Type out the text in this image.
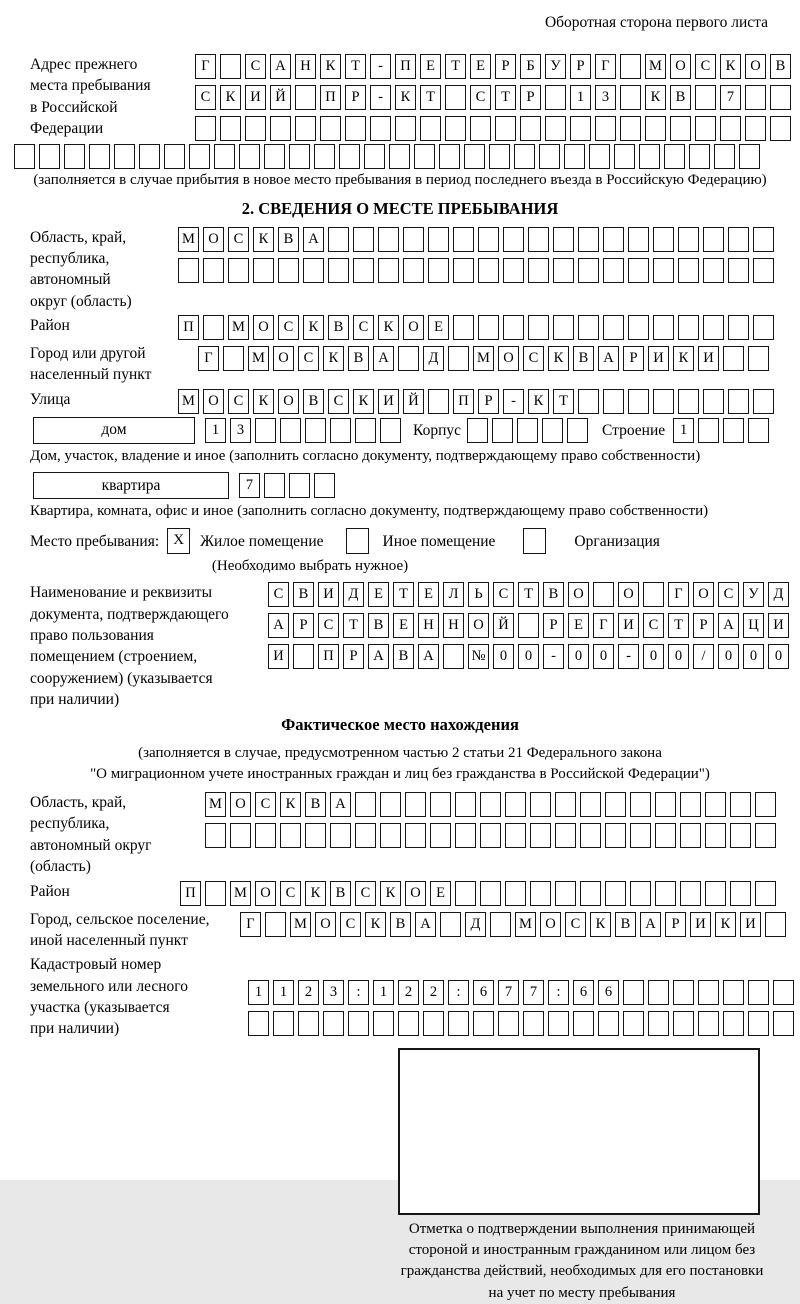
Оборотная сторона первого листа
Адрес прежнего
места пребывания
в Российской
Федерации
Г	С	А	Н	К	Т	-	П	Е	Т	Е	Р	Б	У	Р	Г	М О	С	К	О	В
С	К	И	Й	П	Р	-	К	Т	С	Т	Р	1	3	К	В	7
(заполняется в случае прибытия в новое место пребывания в период последнего въезда в Российскую Федерацию)
2. СВЕДЕНИЯ О МЕСТЕ ПРЕБЫВАНИЯ
Область, край,
республика,
автономный
округ (область)
М О	С	К	В	А
Район	П	М О	С	К	В	С	К	О	Е
Город или другой
населенный пункт
Г	М О	С	К	В	А	Д	М О	С	К	В	А	Р	И	К	И
Улица	М О	С	К	О	В	С	К	И	Й	П	Р	-	К	Т
дом	1	3	Корпус	Строение	1
Дом, участок, владение и иное (заполнить согласно документу, подтверждающему право собственности)
квартира	7
Квартира, комната, офис и иное (заполнить согласно документу, подтверждающему право собственности)
Место пребывания: X	Жилое помещение	Иное помещение	Организация
(Необходимо выбрать нужное)
Наименование и реквизиты
документа, подтверждающего
право пользования
помещением (строением,
сооружением) (указывается
при наличии)
С	В	И	Д	Е	Т	Е	Л	Ь	С	Т	В	О	О	Г	О	С	У	Д
А	Р	С	Т	В	Е	Н	Н	О	Й	Р	Е	Г	И	С	Т	Р	А	Ц	И
И	П	Р	А	В	А	№ 0	0	-	0	0	-	0	0	/	0	0	0
Фактическое место нахождения
(заполняется в случае, предусмотренном частью 2 статьи 21 Федерального закона
"О миграционном учете иностранных граждан и лиц без гражданства в Российской Федерации")
Область, край,
республика,
автономный округ
(область)
М О	С	К	В	А
Район	П	М О	С	К	В	С	К	О	Е
Город, сельское поселение,
иной населенный пункт
Г	М О	С	К	В	А	Д	М О	С	К	В	А	Р	И	К	И
Кадастровый номер
земельного или лесного
участка (указывается
при наличии)
1	1	2	3	:	1	2	2	:	6	7	7	:	6	6
Отметка о подтверждении выполнения принимающей
стороной и иностранным гражданином или лицом без
гражданства действий, необходимых для его постановки
на учет по месту пребывания
